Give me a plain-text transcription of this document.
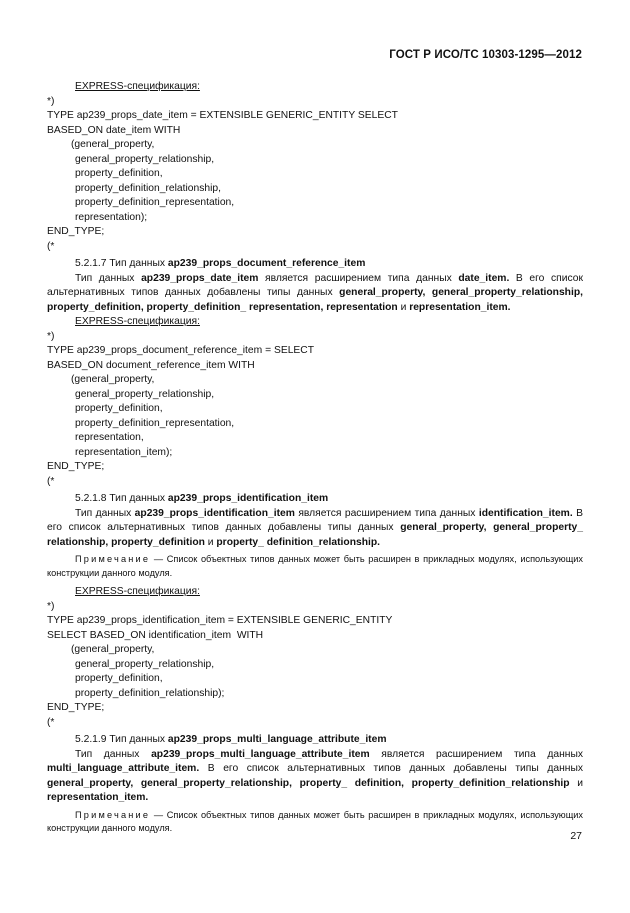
ГОСТ Р ИСО/ТС 10303-1295—2012
EXPRESS-спецификация:
*)
TYPE ap239_props_date_item = EXTENSIBLE GENERIC_ENTITY SELECT
BASED_ON date_item WITH
(general_property,
general_property_relationship,
property_definition,
property_definition_relationship,
property_definition_representation,
representation);
END_TYPE;
(*
5.2.1.7 Тип данных ap239_props_document_reference_item
Тип данных ap239_props_date_item является расширением типа данных date_item. В его список альтернативных типов данных добавлены типы данных general_property, general_property_relationship, property_definition, property_definition_ representation, representation и representation_item.
EXPRESS-спецификация:
*)
TYPE ap239_props_document_reference_item = SELECT
BASED_ON document_reference_item WITH
(general_property,
general_property_relationship,
property_definition,
property_definition_representation,
representation,
representation_item);
END_TYPE;
(*
5.2.1.8 Тип данных ap239_props_identification_item
Тип данных ap239_props_identification_item является расширением типа данных identification_item. В его список альтернативных типов данных добавлены типы данных general_property, general_property_ relationship, property_definition и property_ definition_relationship.
Примечание — Список объектных типов данных может быть расширен в прикладных модулях, использующих конструкции данного модуля.
EXPRESS-спецификация:
*)
TYPE ap239_props_identification_item = EXTENSIBLE GENERIC_ENTITY
SELECT BASED_ON identification_item  WITH
(general_property,
general_property_relationship,
property_definition,
property_definition_relationship);
END_TYPE;
(*
5.2.1.9 Тип данных ap239_props_multi_language_attribute_item
Тип данных ap239_props_multi_language_attribute_item является расширением типа данных multi_language_attribute_item. В его список альтернативных типов данных добавлены типы данных general_property, general_property_relationship, property_ definition, property_definition_relationship и representation_item.
Примечание — Список объектных типов данных может быть расширен в прикладных модулях, использующих конструкции данного модуля.
27
